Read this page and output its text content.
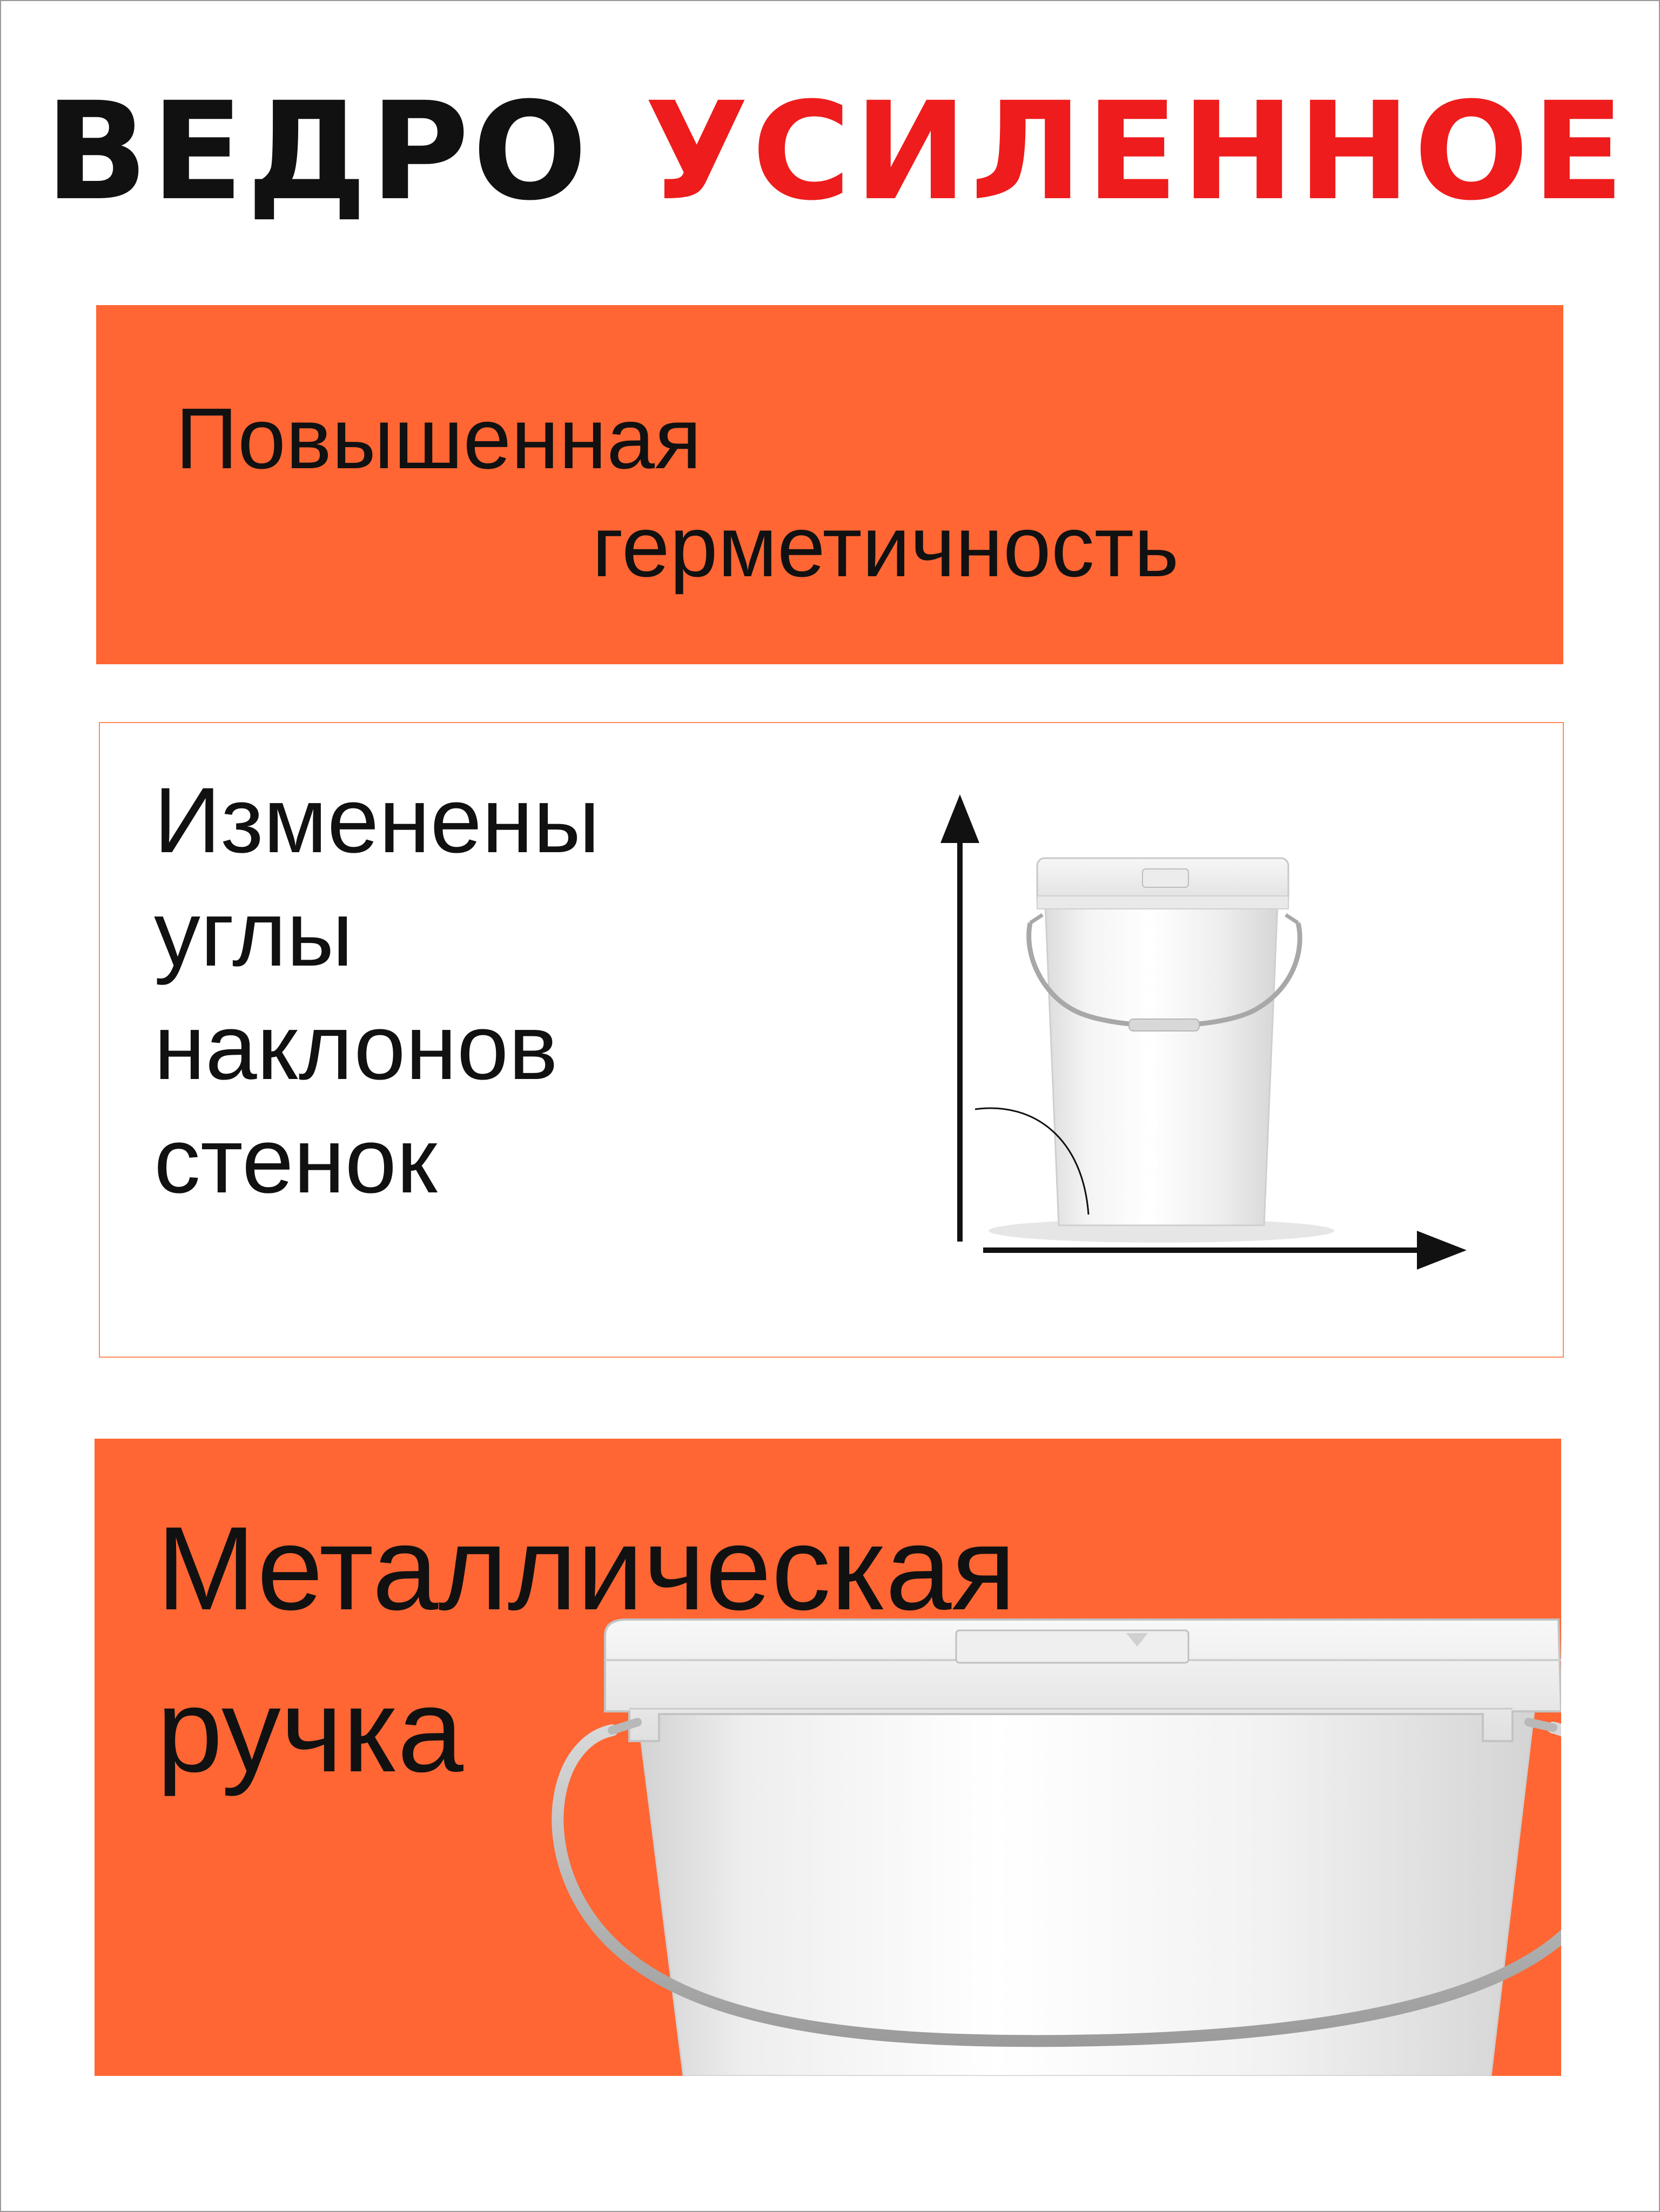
ВЕДРО УСИЛЕННОЕ
Повышенная
герметичность
Изменены
углы
наклонов
стенок
Металлическая
ручка
